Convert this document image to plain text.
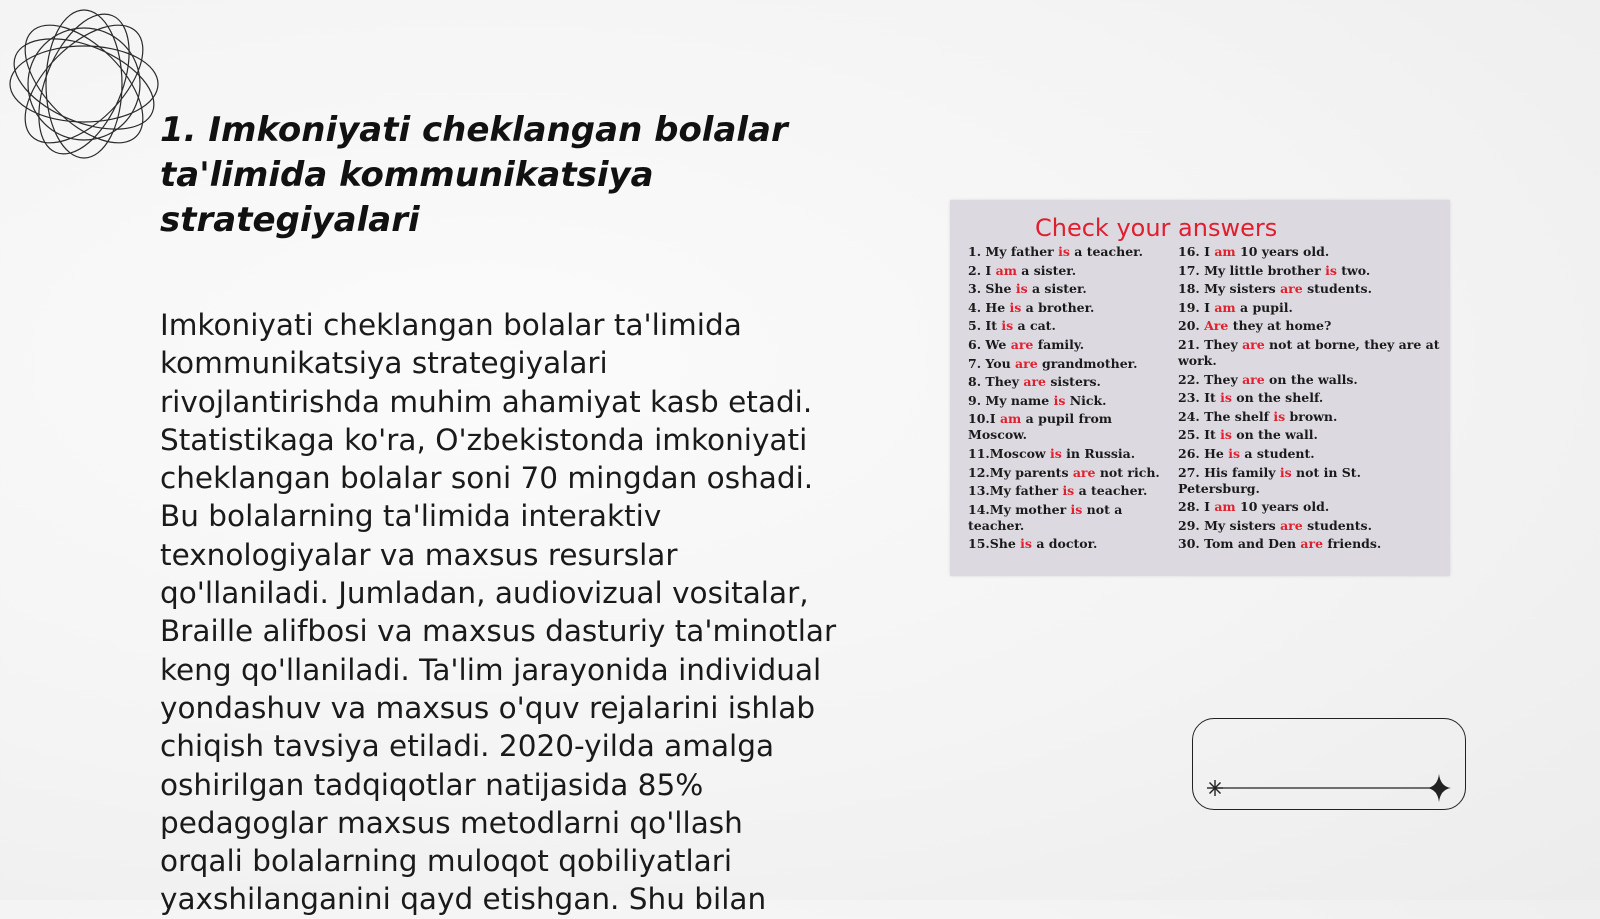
1. Imkoniyati cheklangan bolalar
ta'limida kommunikatsiya
strategiyalari

Imkoniyati cheklangan bolalar ta'limida
kommunikatsiya strategiyalari
rivojlantirishda muhim ahamiyat kasb etadi.
Statistikaga ko'ra, O'zbekistonda imkoniyati
cheklangan bolalar soni 70 mingdan oshadi.
Bu bolalarning ta'limida interaktiv
texnologiyalar va maxsus resurslar
qo'llaniladi. Jumladan, audiovizual vositalar,
Braille alifbosi va maxsus dasturiy ta'minotlar
keng qo'llaniladi. Ta'lim jarayonida individual
yondashuv va maxsus o'quv rejalarini ishlab
chiqish tavsiya etiladi. 2020-yilda amalga
oshirilgan tadqiqotlar natijasida 85%
pedagoglar maxsus metodlarni qo'llash
orqali bolalarning muloqot qobiliyatlari
yaxshilanganini qayd etishgan. Shu bilan

Check your answers
1. My father is a teacher.
2. I am a sister.
3. She is a sister.
4. He is a brother.
5. It is a cat.
6. We are family.
7. You are grandmother.
8. They are sisters.
9. My name is Nick.
10.I am a pupil from Moscow.
11.Moscow is in Russia.
12.My parents are not rich.
13.My father is a teacher.
14.My mother is not a
teacher.
15.She is a doctor.
16. I am 10 years old.
17. My little brother is two.
18. My sisters are students.
19. I am a pupil.
20. Are they at home?
21. They are not at borne, they are at
work.
22. They are on the walls.
23. It is on the shelf.
24. The shelf is brown.
25. It is on the wall.
26. He is a student.
27. His family is not in St. Petersburg.
28. I am 10 years old.
29. My sisters are students.
30. Tom and Den are friends.
